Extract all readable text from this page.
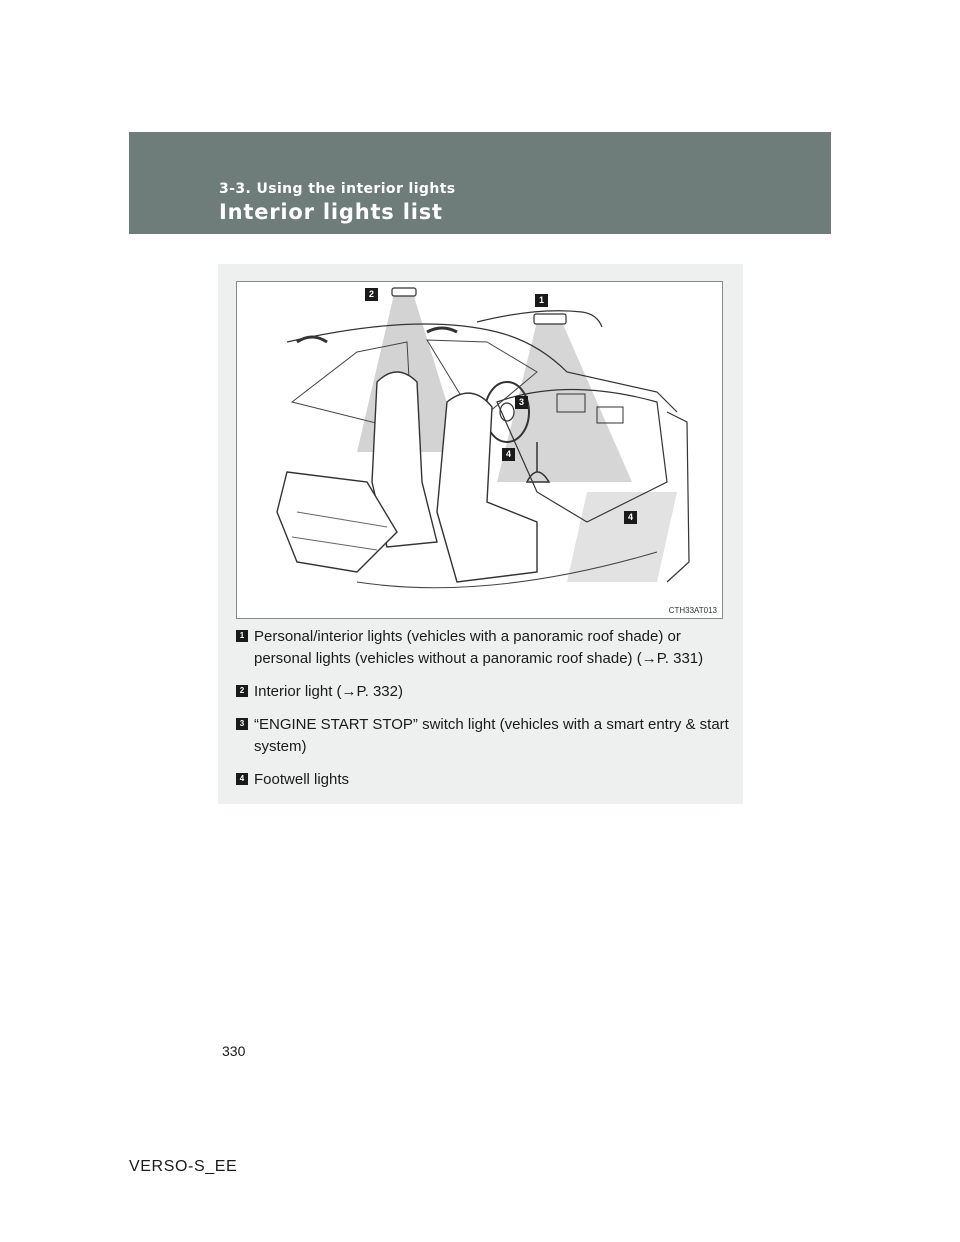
3-3. Using the interior lights
Interior lights list
2
1
3
4
4
CTH33AT013
1 Personal/interior lights (vehicles with a panoramic roof shade) or personal lights (vehicles without a panoramic roof shade) (→P. 331)
2 Interior light (→P. 332)
3 “ENGINE START STOP” switch light (vehicles with a smart entry & start system)
4 Footwell lights
330
VERSO-S_EE
